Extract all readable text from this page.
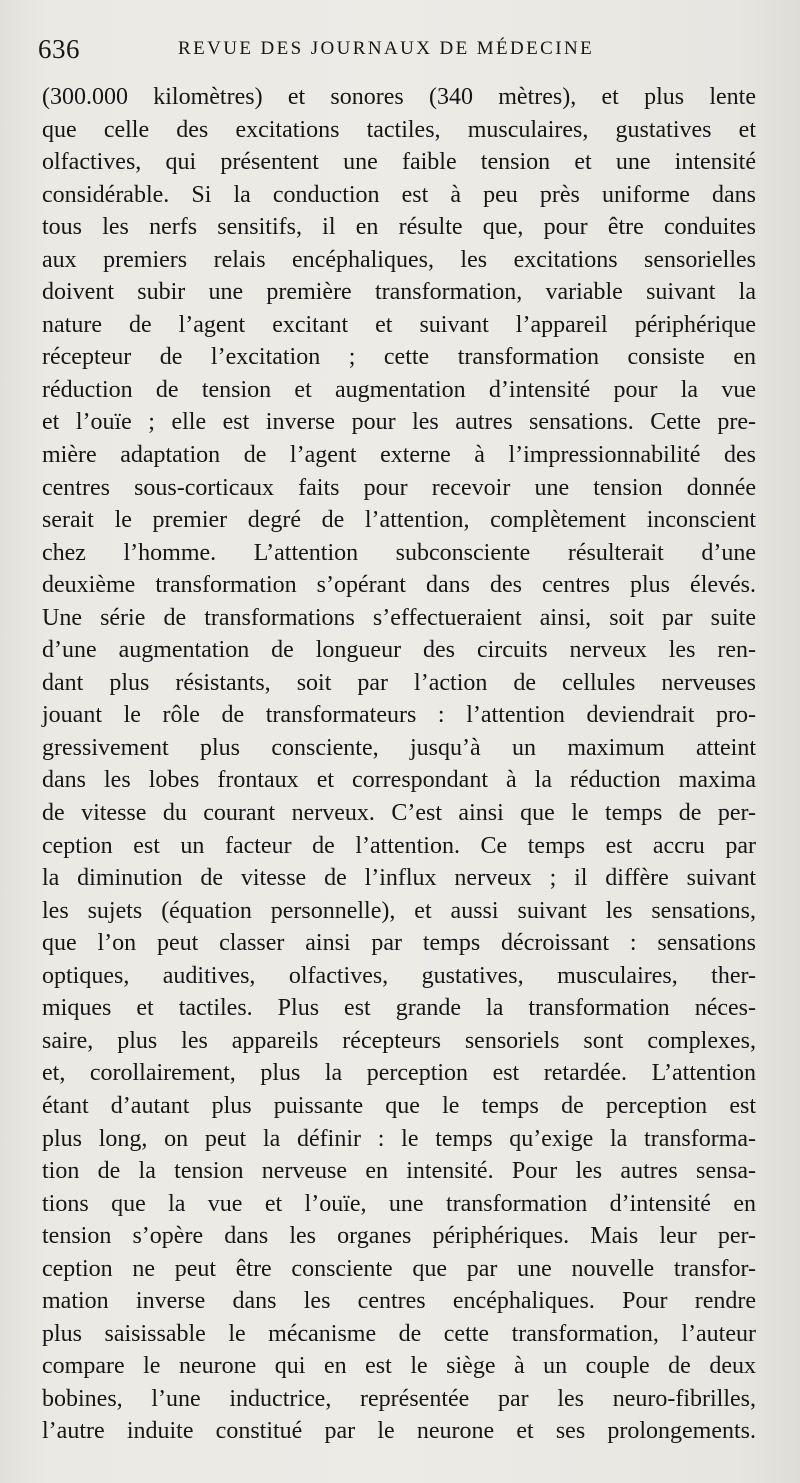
636	REVUE DES JOURNAUX DE MÉDECINE
(300.000 kilomètres) et sonores (340 mètres), et plus lente
que celle des excitations tactiles, musculaires, gustatives et
olfactives, qui présentent une faible tension et une intensité
considérable. Si la conduction est à peu près uniforme dans
tous les nerfs sensitifs, il en résulte que, pour être conduites
aux premiers relais encéphaliques, les excitations sensorielles
doivent subir une première transformation, variable suivant la
nature de l’agent excitant et suivant l’appareil périphérique
récepteur de l’excitation ; cette transformation consiste en
réduction de tension et augmentation d’intensité pour la vue
et l’ouïe ; elle est inverse pour les autres sensations. Cette pre-
mière adaptation de l’agent externe à l’impressionnabilité des
centres sous-corticaux faits pour recevoir une tension donnée
serait le premier degré de l’attention, complètement inconscient
chez l’homme. L’attention subconsciente résulterait d’une
deuxième transformation s’opérant dans des centres plus élevés.
Une série de transformations s’effectueraient ainsi, soit par suite
d’une augmentation de longueur des circuits nerveux les ren-
dant plus résistants, soit par l’action de cellules nerveuses
jouant le rôle de transformateurs : l’attention deviendrait pro-
gressivement plus consciente, jusqu’à un maximum atteint
dans les lobes frontaux et correspondant à la réduction maxima
de vitesse du courant nerveux. C’est ainsi que le temps de per-
ception est un facteur de l’attention. Ce temps est accru par
la diminution de vitesse de l’influx nerveux ; il diffère suivant
les sujets (équation personnelle), et aussi suivant les sensations,
que l’on peut classer ainsi par temps décroissant : sensations
optiques, auditives, olfactives, gustatives, musculaires, ther-
miques et tactiles. Plus est grande la transformation néces-
saire, plus les appareils récepteurs sensoriels sont complexes,
et, corollairement, plus la perception est retardée. L’attention
étant d’autant plus puissante que le temps de perception est
plus long, on peut la définir : le temps qu’exige la transforma-
tion de la tension nerveuse en intensité. Pour les autres sensa-
tions que la vue et l’ouïe, une transformation d’intensité en
tension s’opère dans les organes périphériques. Mais leur per-
ception ne peut être consciente que par une nouvelle transfor-
mation inverse dans les centres encéphaliques. Pour rendre
plus saisissable le mécanisme de cette transformation, l’auteur
compare le neurone qui en est le siège à un couple de deux
bobines, l’une inductrice, représentée par les neuro-fibrilles,
l’autre induite constitué par le neurone et ses prolongements.
